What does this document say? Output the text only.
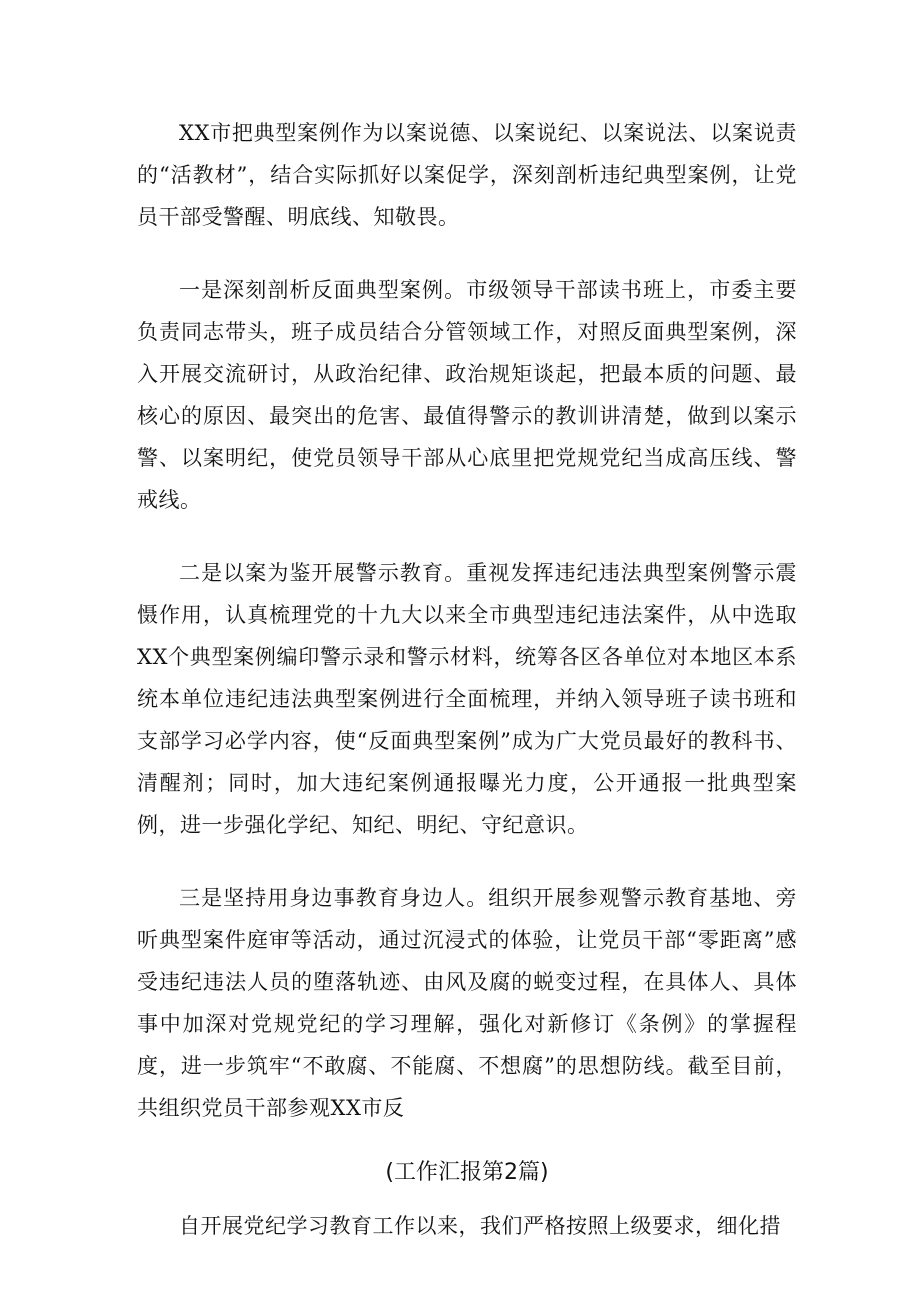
XX市把典型案例作为以案说德、以案说纪、以案说法、以案说责的“活教材”，结合实际抓好以案促学，深刻剖析违纪典型案例，让党员干部受警醒、明底线、知敬畏。

一是深刻剖析反面典型案例。市级领导干部读书班上，市委主要负责同志带头，班子成员结合分管领域工作，对照反面典型案例，深入开展交流研讨，从政治纪律、政治规矩谈起，把最本质的问题、最核心的原因、最突出的危害、最值得警示的教训讲清楚，做到以案示警、以案明纪，使党员领导干部从心底里把党规党纪当成高压线、警戒线。

二是以案为鉴开展警示教育。重视发挥违纪违法典型案例警示震慑作用，认真梳理党的十九大以来全市典型违纪违法案件，从中选取XX个典型案例编印警示录和警示材料，统筹各区各单位对本地区本系统本单位违纪违法典型案例进行全面梳理，并纳入领导班子读书班和支部学习必学内容，使“反面典型案例”成为广大党员最好的教科书、清醒剂；同时，加大违纪案例通报曝光力度，公开通报一批典型案例，进一步强化学纪、知纪、明纪、守纪意识。

三是坚持用身边事教育身边人。组织开展参观警示教育基地、旁听典型案件庭审等活动，通过沉浸式的体验，让党员干部“零距离”感受违纪违法人员的堕落轨迹、由风及腐的蜕变过程，在具体人、具体事中加深对党规党纪的学习理解，强化对新修订《条例》的掌握程度，进一步筑牢“不敢腐、不能腐、不想腐”的思想防线。截至目前，共组织党员干部参观XX市反

(工作汇报第2篇)

自开展党纪学习教育工作以来，我们严格按照上级要求，细化措
